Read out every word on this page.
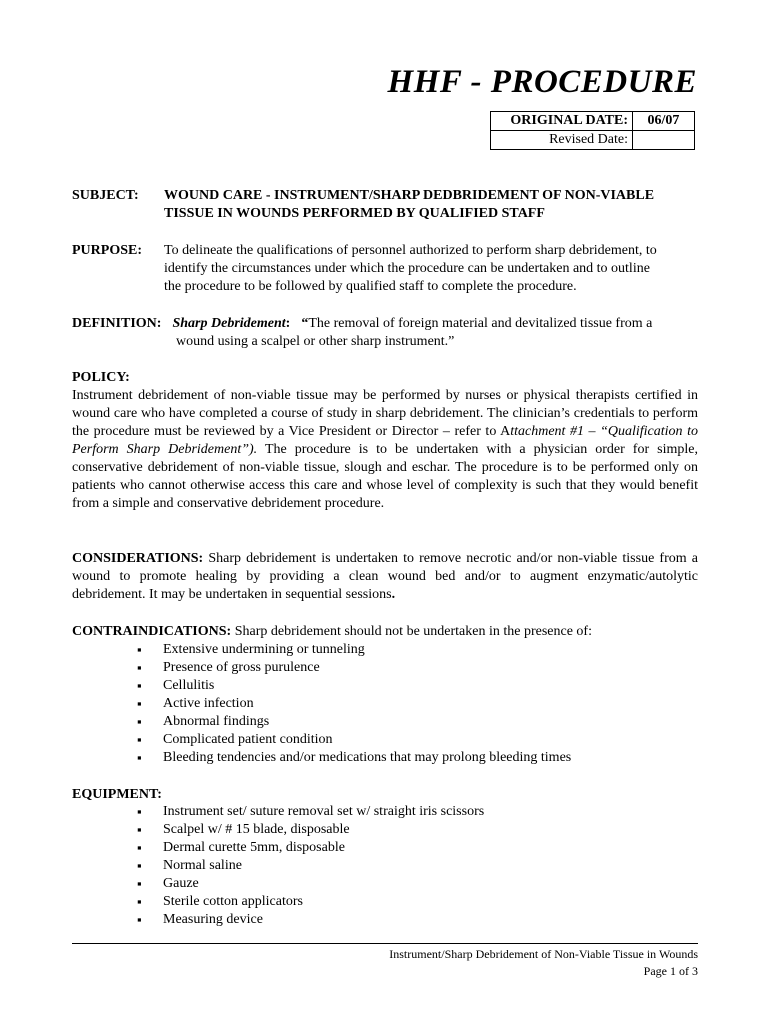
HHF - PROCEDURE
ORIGINAL DATE:	06/07
Revised Date:	
SUBJECT: WOUND CARE - INSTRUMENT/SHARP DEDBRIDEMENT OF NON-VIABLE
TISSUE IN WOUNDS PERFORMED BY QUALIFIED STAFF
PURPOSE: To delineate the qualifications of personnel authorized to perform sharp debridement, to
identify the circumstances under which the procedure can be undertaken and to outline
the procedure to be followed by qualified staff to complete the procedure.
DEFINITION: Sharp Debridement: “The removal of foreign material and devitalized tissue from a
wound using a scalpel or other sharp instrument.”
POLICY:
Instrument debridement of non-viable tissue may be performed by nurses or physical therapists certified in wound care who have completed a course of study in sharp debridement. The clinician’s credentials to perform the procedure must be reviewed by a Vice President or Director – refer to Attachment #1 – “Qualification to Perform Sharp Debridement”). The procedure is to be undertaken with a physician order for simple, conservative debridement of non-viable tissue, slough and eschar. The procedure is to be performed only on patients who cannot otherwise access this care and whose level of complexity is such that they would benefit from a simple and conservative debridement procedure.
CONSIDERATIONS: Sharp debridement is undertaken to remove necrotic and/or non-viable tissue from a wound to promote healing by providing a clean wound bed and/or to augment enzymatic/autolytic debridement. It may be undertaken in sequential sessions.
CONTRAINDICATIONS: Sharp debridement should not be undertaken in the presence of:
▪ Extensive undermining or tunneling
▪ Presence of gross purulence
▪ Cellulitis
▪ Active infection
▪ Abnormal findings
▪ Complicated patient condition
▪ Bleeding tendencies and/or medications that may prolong bleeding times
EQUIPMENT:
▪ Instrument set/ suture removal set w/ straight iris scissors
▪ Scalpel w/ # 15 blade, disposable
▪ Dermal curette 5mm, disposable
▪ Normal saline
▪ Gauze
▪ Sterile cotton applicators
▪ Measuring device
Instrument/Sharp Debridement of Non-Viable Tissue in Wounds
Page 1 of 3
